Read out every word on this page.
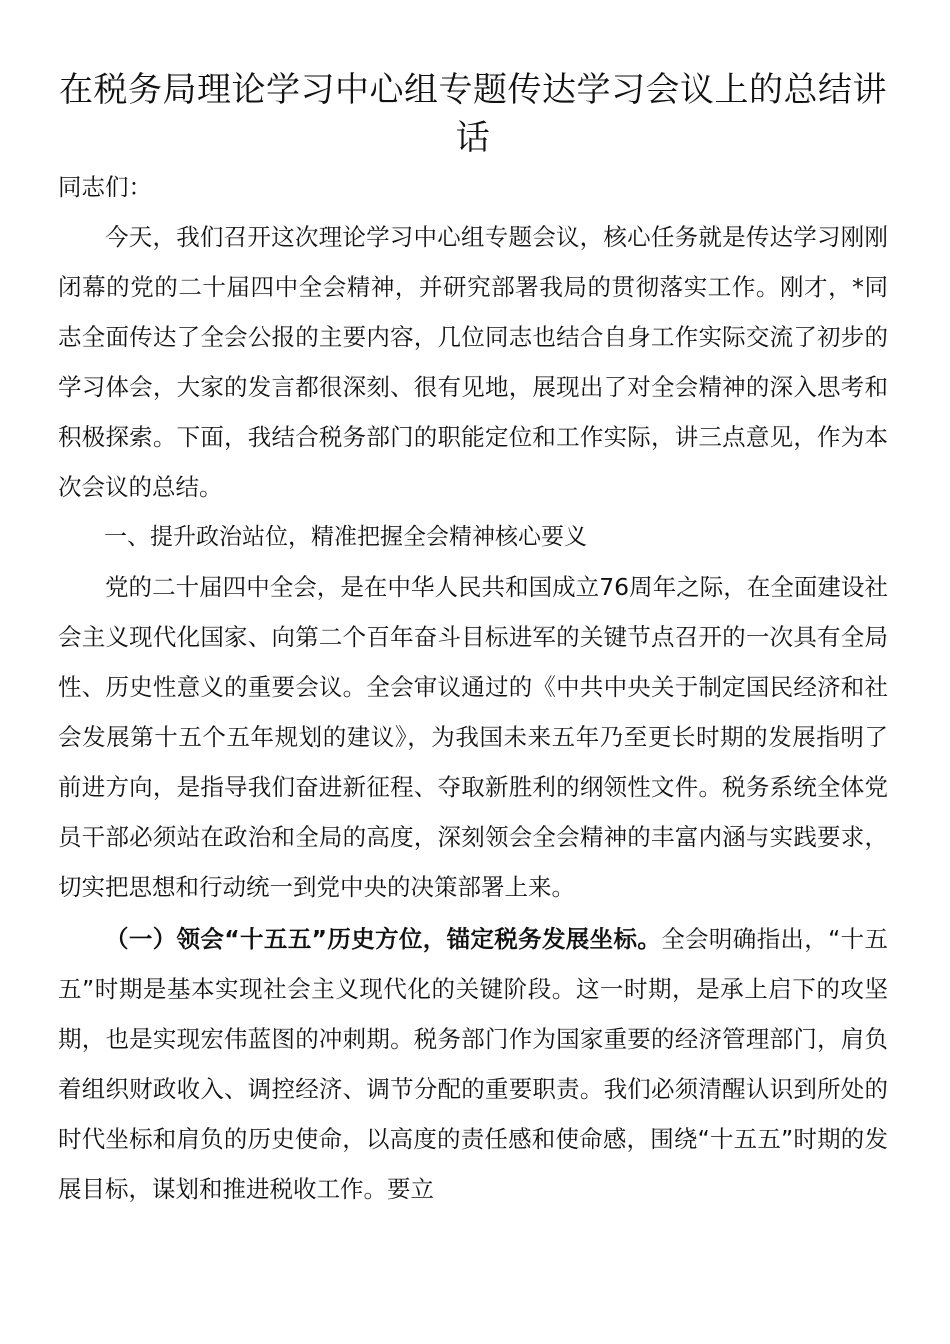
在税务局理论学习中心组专题传达学习会议上的总结讲话

同志们：

今天，我们召开这次理论学习中心组专题会议，核心任务就是传达学习刚刚闭幕的党的二十届四中全会精神，并研究部署我局的贯彻落实工作。刚才，*同志全面传达了全会公报的主要内容，几位同志也结合自身工作实际交流了初步的学习体会，大家的发言都很深刻、很有见地，展现出了对全会精神的深入思考和积极探索。下面，我结合税务部门的职能定位和工作实际，讲三点意见，作为本次会议的总结。

一、提升政治站位，精准把握全会精神核心要义

党的二十届四中全会，是在中华人民共和国成立76周年之际，在全面建设社会主义现代化国家、向第二个百年奋斗目标进军的关键节点召开的一次具有全局性、历史性意义的重要会议。全会审议通过的《中共中央关于制定国民经济和社会发展第十五个五年规划的建议》，为我国未来五年乃至更长时期的发展指明了前进方向，是指导我们奋进新征程、夺取新胜利的纲领性文件。税务系统全体党员干部必须站在政治和全局的高度，深刻领会全会精神的丰富内涵与实践要求，切实把思想和行动统一到党中央的决策部署上来。

（一）领会“十五五”历史方位，锚定税务发展坐标。全会明确指出，“十五五”时期是基本实现社会主义现代化的关键阶段。这一时期，是承上启下的攻坚期，也是实现宏伟蓝图的冲刺期。税务部门作为国家重要的经济管理部门，肩负着组织财政收入、调控经济、调节分配的重要职责。我们必须清醒认识到所处的时代坐标和肩负的历史使命，以高度的责任感和使命感，围绕“十五五”时期的发展目标，谋划和推进税收工作。要立
